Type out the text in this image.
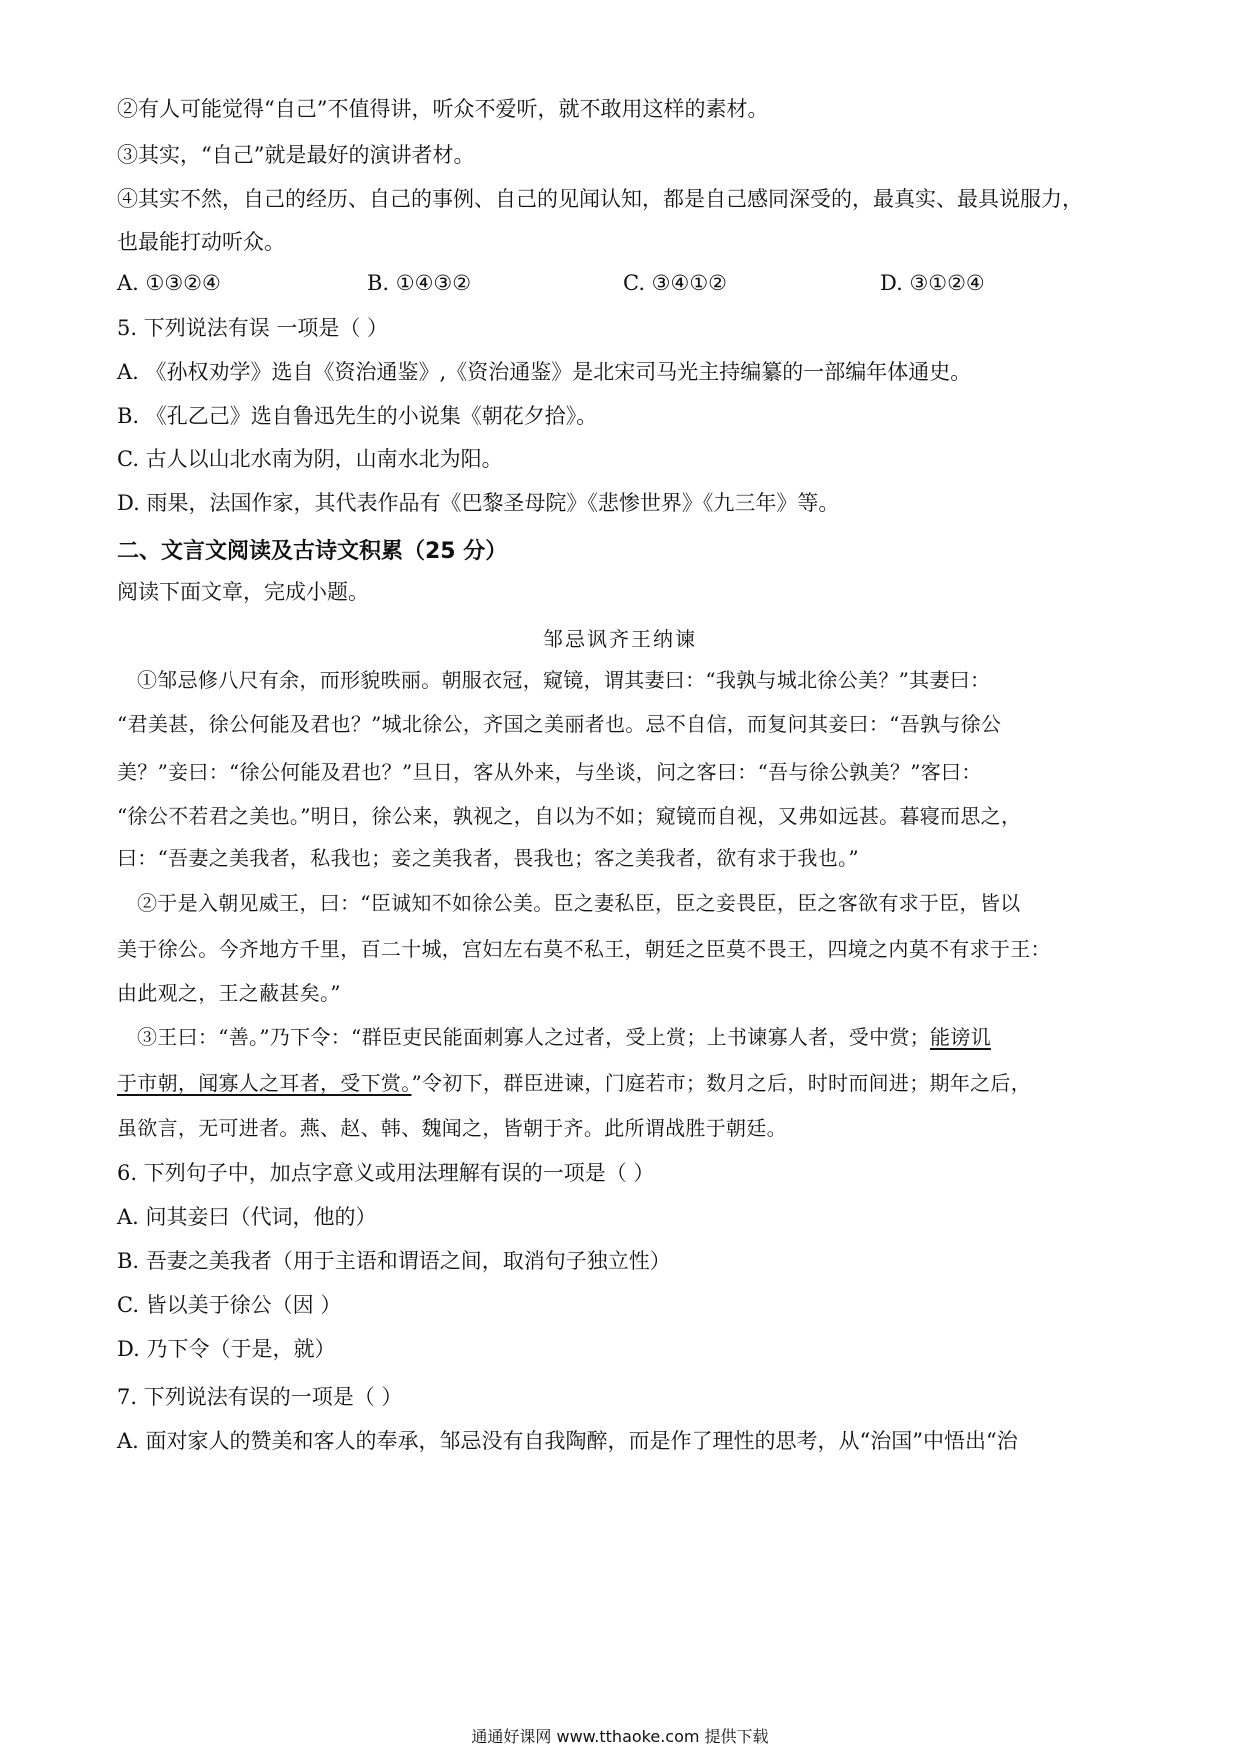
②有人可能觉得“自己”不值得讲，听众不爱听，就不敢用这样的素材。
③其实，“自己”就是最好的演讲者材。
④其实不然，自己的经历、自己的事例、自己的见闻认知，都是自己感同深受的，最真实、最具说服力，
也最能打动听众。
A. ①③②④	B. ①④③②	C. ③④①②	D. ③①②④
5. 下列说法有误 一项是（ ）
A. 《孙权劝学》选自《资治通鉴》,《资治通鉴》是北宋司马光主持编纂的一部编年体通史。
B. 《孔乙己》选自鲁迅先生的小说集《朝花夕拾》。
C. 古人以山北水南为阴，山南水北为阳。
D. 雨果，法国作家，其代表作品有《巴黎圣母院》《悲惨世界》《九三年》等。
二、文言文阅读及古诗文积累（25 分）
阅读下面文章，完成小题。
邹忌讽齐王纳谏
①邹忌修八尺有余，而形貌昳丽。朝服衣冠，窥镜，谓其妻曰：“我孰与城北徐公美？”其妻曰：
“君美甚，徐公何能及君也？”城北徐公，齐国之美丽者也。忌不自信，而复问其妾曰：“吾孰与徐公
美？”妾曰：“徐公何能及君也？”旦日，客从外来，与坐谈，问之客曰：“吾与徐公孰美？”客曰：
“徐公不若君之美也。”明日，徐公来，孰视之，自以为不如；窥镜而自视，又弗如远甚。暮寝而思之，
曰：“吾妻之美我者，私我也；妾之美我者，畏我也；客之美我者，欲有求于我也。”
②于是入朝见威王，曰：“臣诚知不如徐公美。臣之妻私臣，臣之妾畏臣，臣之客欲有求于臣，皆以
美于徐公。今齐地方千里，百二十城，宫妇左右莫不私王，朝廷之臣莫不畏王，四境之内莫不有求于王：
由此观之，王之蔽甚矣。”
③王曰：“善。”乃下令：“群臣吏民能面刺寡人之过者，受上赏；上书谏寡人者，受中赏；能谤讥
于市朝，闻寡人之耳者，受下赏。”令初下，群臣进谏，门庭若市；数月之后，时时而间进；期年之后，
虽欲言，无可进者。燕、赵、韩、魏闻之，皆朝于齐。此所谓战胜于朝廷。
6. 下列句子中，加点字意义或用法理解有误的一项是（ ）
A. 问其妾曰（代词，他的）
B. 吾妻之美我者（用于主语和谓语之间，取消句子独立性）
C. 皆以美于徐公（因 ）
D. 乃下令（于是，就）
7. 下列说法有误的一项是（ ）
A. 面对家人的赞美和客人的奉承，邹忌没有自我陶醉，而是作了理性的思考，从“治国”中悟出“治
通通好课网 www.tthaoke.com 提供下载
